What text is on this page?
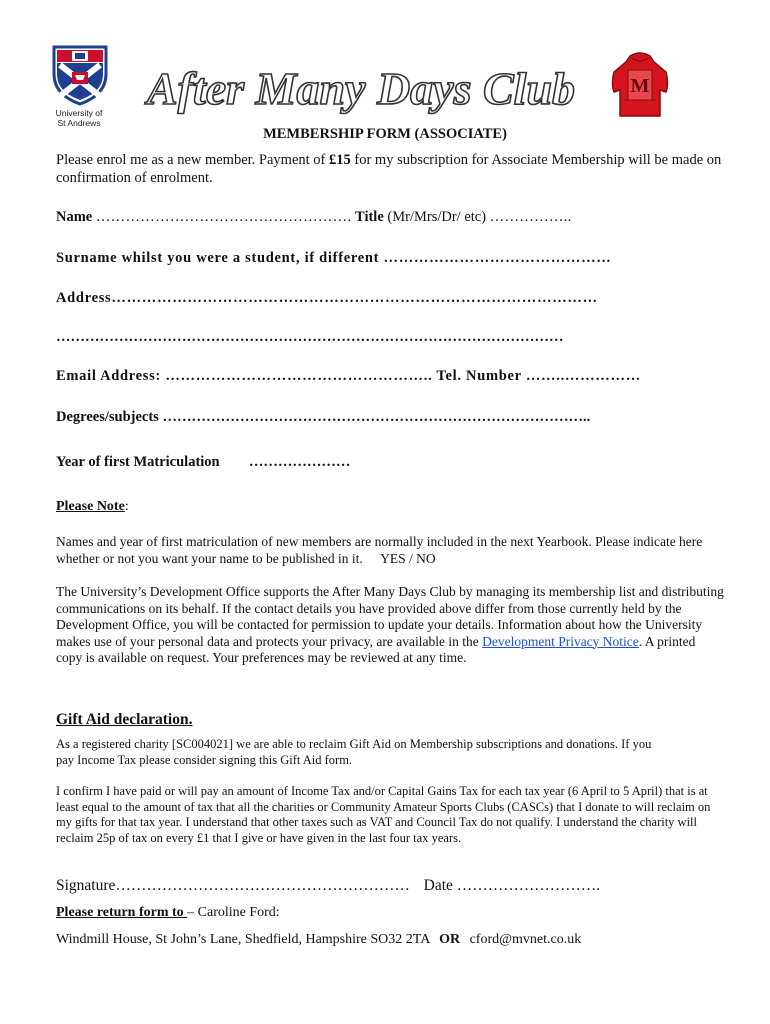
University of
St Andrews
After Many Days Club	M
MEMBERSHIP FORM (ASSOCIATE)
Please enrol me as a new member. Payment of £15 for my subscription for Associate Membership will be made on confirmation of enrolment.
Name ……………………………………………. Title (Mr/Mrs/Dr/ etc) ……………..
Surname whilst you were a student, if different ………………………………………
Address……………………………………………………………………………………
……………………………………………………………………………………………
Email Address: …………………………………………….. Tel. Number ……..……………
Degrees/subjects ……………………………………………………………………………..
Year of first Matriculation …………………
Please Note:
Names and year of first matriculation of new members are normally included in the next Yearbook. Please indicate here whether or not you want your name to be published in it. YES / NO
The University’s Development Office supports the After Many Days Club by managing its membership list and distributing communications on its behalf. If the contact details you have provided above differ from those currently held by the Development Office, you will be contacted for permission to update your details. Information about how the University makes use of your personal data and protects your privacy, are available in the Development Privacy Notice. A printed copy is available on request. Your preferences may be reviewed at any time.
Gift Aid declaration.
As a registered charity [SC004021] we are able to reclaim Gift Aid on Membership subscriptions and donations. If you pay Income Tax please consider signing this Gift Aid form.
I confirm I have paid or will pay an amount of Income Tax and/or Capital Gains Tax for each tax year (6 April to 5 April) that is at least equal to the amount of tax that all the charities or Community Amateur Sports Clubs (CASCs) that I donate to will reclaim on my gifts for that tax year. I understand that other taxes such as VAT and Council Tax do not qualify. I understand the charity will reclaim 25p of tax on every £1 that I give or have given in the last four tax years.
Signature………………………………………………… Date ……………………….
Please return form to – Caroline Ford:
Windmill House, St John’s Lane, Shedfield, Hampshire SO32 2TA OR cford@mvnet.co.uk
